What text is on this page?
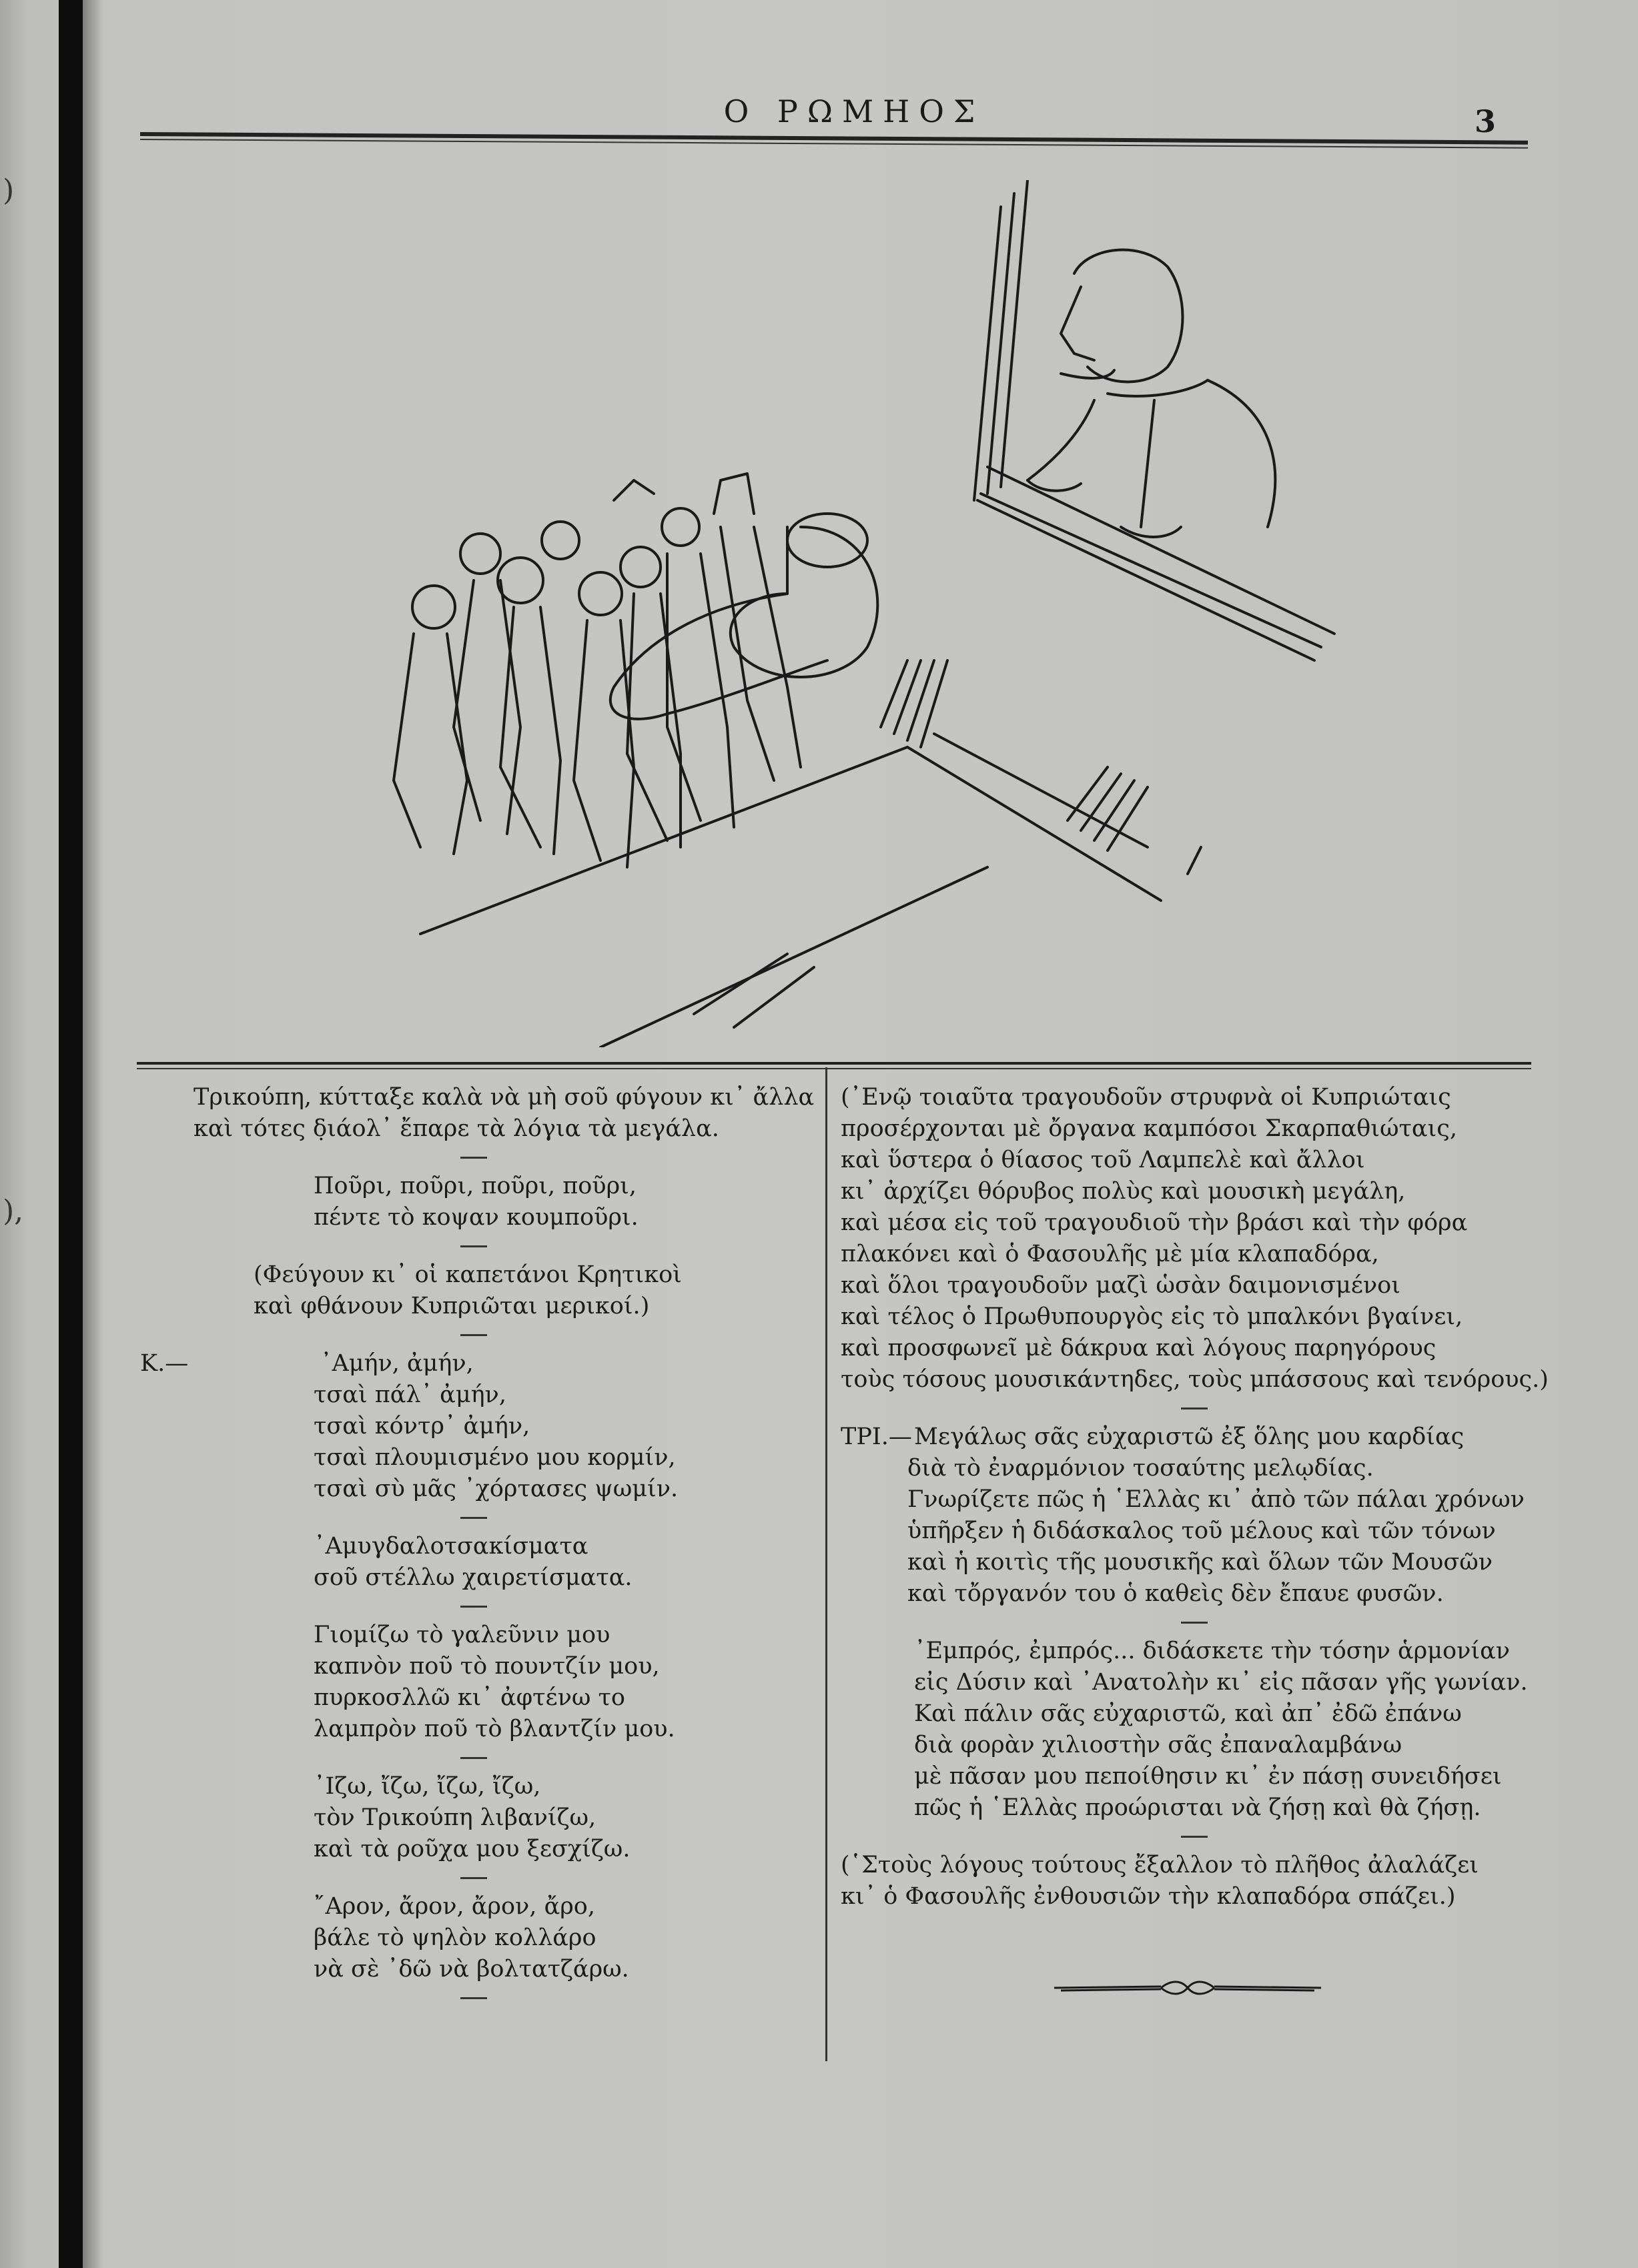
)
),
Ο ΡΩΜΗΟΣ	3
Τρικούπη, κύτταξε καλὰ νὰ μὴ σοῦ φύγουν κι᾽ ἄλλα
καὶ τότες δ̣ιάολ᾽ ἔπαρε τὰ λόγια τὰ μεγάλα.
Ποῦρι, ποῦρι, ποῦρι, ποῦρι,
πέντε τὸ κοψαν κουμποῦρι.
(Φεύγουν κι᾽ οἱ καπετάνοι Κρητικοὶ
καὶ φθάνουν Κυπριῶται μερικοί.)
Κ.—	᾽Αμήν, ἀμήν,
τσαὶ πάλ᾽ ἀμήν,
τσαὶ κόντρ᾽ ἀμήν,
τσαὶ πλουμισμένο μου κορμίν,
τσαὶ σὺ μᾶς ᾽χόρτασες ψωμίν.
᾽Αμυγδαλοτσακίσματα
σοῦ στέλλω χαιρετίσματα.
Γιομίζω τὸ γαλεῦνιν μου
καπνὸν ποῦ τὸ πουντζίν μου,
πυρκοσλλῶ κι᾽ ἀφτένω το
λαμπρὸν ποῦ τὸ βλαντζίν μου.
᾽Ιζω, ἴζω, ἴζω, ἴζω,
τὸν Τρικούπη λιβανίζω,
καὶ τὰ ροῦχα μου ξεσχίζω.
῎Αρον, ἄρον, ἄρον, ἄρο,
βάλε τὸ ψηλὸν κολλάρο
νὰ σὲ ᾽δῶ νὰ βολτατζάρω.
(᾽Ενῷ τοιαῦτα τραγουδοῦν στρυφνὰ οἱ Κυπριώταις
προσέρχονται μὲ ὄργανα καμπόσοι Σκαρπαθιώταις,
καὶ ὕστερα ὁ θίασος τοῦ Λαμπελὲ καὶ ἄλλοι
κι᾽ ἀρχίζει θόρυβος πολὺς καὶ μουσικὴ μεγάλη,
καὶ μέσα εἰς τοῦ τραγουδιοῦ τὴν βράσι καὶ τὴν φόρα
πλακόνει καὶ ὁ Φασουλῆς μὲ μία κλαπαδόρα,
καὶ ὅλοι τραγουδοῦν μαζὶ ὡσὰν δαιμονισμένοι
καὶ τέλος ὁ Πρωθυπουργὸς εἰς τὸ μπαλκόνι βγαίνει,
καὶ προσφωνεῖ μὲ δάκρυα καὶ λόγους παρηγόρους
τοὺς τόσους μουσικάντηδες, τοὺς μπάσσους καὶ τενόρους.)
ΤΡΙ.—Μεγάλως σᾶς εὐχαριστῶ ἐξ ὅλης μου καρδίας
διὰ τὸ ἐναρμόνιον τοσαύτης μελῳδίας.
Γνωρίζετε πῶς ἡ ῾Ελλὰς κι᾽ ἀπὸ τῶν πάλαι χρόνων
ὑπῆρξεν ἡ διδάσκαλος τοῦ μέλους καὶ τῶν τόνων
καὶ ἡ κοιτὶς τῆς μουσικῆς καὶ ὅλων τῶν Μουσῶν
καὶ τὄργανόν του ὁ καθεὶς δὲν ἔπαυε φυσῶν.
᾽Εμπρός, ἐμπρός... διδάσκετε τὴν τόσην ἁρμονίαν
εἰς Δύσιν καὶ ᾽Ανατολὴν κι᾽ εἰς πᾶσαν γῆς γωνίαν.
Καὶ πάλιν σᾶς εὐχαριστῶ, καὶ ἀπ᾽ ἐδῶ ἐπάνω
διὰ φορὰν χιλιοστὴν σᾶς ἐπαναλαμβάνω
μὲ πᾶσαν μου πεποίθησιν κι᾽ ἐν πάσῃ συνειδήσει
πῶς ἡ ῾Ελλὰς προώρισται νὰ ζήσῃ καὶ θὰ ζήσῃ.
(῾Στοὺς λόγους τούτους ἔξαλλον τὸ πλῆθος ἀλαλάζει
κι᾽ ὁ Φασουλῆς ἐνθουσιῶν τὴν κλαπαδόρα σπάζει.)
